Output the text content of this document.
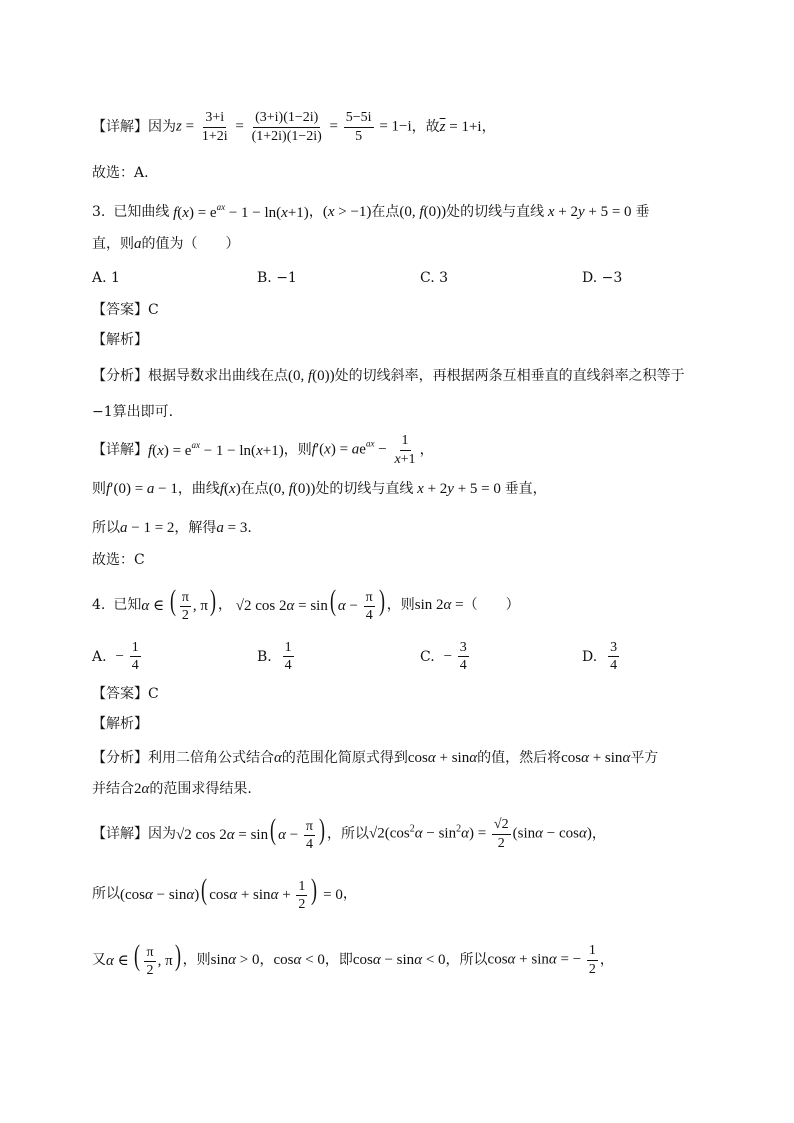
【详解】 因为 $z = \frac{3+i}{1+2i} = \frac{(3+i)(1-2i)}{(1+2i)(1-2i)} = \frac{5-5i}{5} = 1-i$ ，故 $\overline{z} = 1+i$ ，
故选：A.
3. 已知曲线 $f(x) = e^{ax} - 1 - \ln(x+1)$ ， (x > −1) 在点 (0, f(0)) 处的切线与直线 x + 2y + 5 = 0 垂
直，则 a 的值为（　　）
A. 1	B. −1	C. 3	D. −3
【答案】 C
【解析】
【分析】 根据导数求出曲线在点 (0, f(0)) 处的切线斜率，再根据两条互相垂直的直线斜率之积等于
−1算出即可.
【详解】 $f(x) = e^{ax} - 1 - \ln(x+1)$ ，则 $f'(x) = ae^{ax} - \frac{1}{x+1}$ ，
则 f′(0) = a − 1 ，曲线 f(x) 在点 (0, f(0)) 处的切线与直线 x + 2y + 5 = 0 垂直，
所以 a − 1 = 2 ，解得 a = 3 .
故选：C
4. 已知 α ∈ ( $\frac{\pi}{2}$ , π) ， √2 cos 2α = sin( $\alpha - \frac{\pi}{4}$ ) ，则 sin 2α = （　　）
A.
− $\frac{1}{4}$	B.
$\frac{1}{4}$	C.
− $\frac{3}{4}$	D.
$\frac{3}{4}$
【答案】 C
【解析】
【分析】 利用二倍角公式结合 α 的范围化简原式得到 cosα + sinα 的值，然后将 cosα + sinα 平方
并结合 2α 的范围求得结果.
【详解】 因为 √2 cos 2α = sin( $\alpha - \frac{\pi}{4}$ ) ，所以 $√2(\cos^2\alpha - \sin^2\alpha) = \frac{√2}{2} (\sin\alpha - \cos\alpha)$ ，
所以 (cosα − sinα)( $\cos\alpha + \sin\alpha + \frac{1}{2}$ ) = 0 ，
又 α ∈ ( $\frac{\pi}{2}$ , π) ，则 sinα > 0 ， cosα < 0 ，即 cosα − sinα < 0 ，所以 cosα + sinα = − $\frac{1}{2}$ ，
